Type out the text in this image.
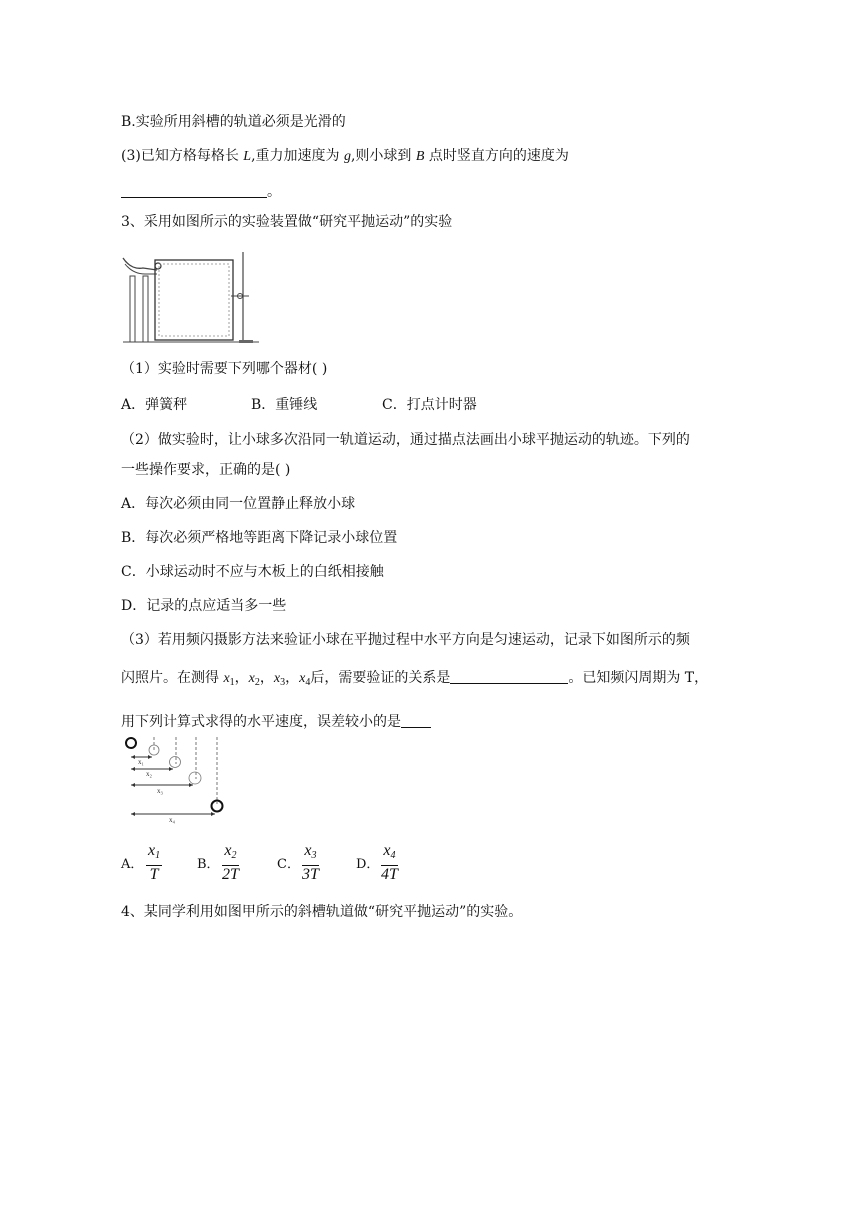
B.实验所用斜槽的轨道必须是光滑的
(3)已知方格每格长 L,重力加速度为 g,则小球到 B 点时竖直方向的速度为
。
3、采用如图所示的实验装置做“研究平抛运动”的实验
（1）实验时需要下列哪个器材( )
A．弹簧秤	B．重锤线	C．打点计时器
（2）做实验时，让小球多次沿同一轨道运动，通过描点法画出小球平抛运动的轨迹。下列的
一些操作要求，正确的是( )
A．每次必须由同一位置静止释放小球
B．每次必须严格地等距离下降记录小球位置
C．小球运动时不应与木板上的白纸相接触
D．记录的点应适当多一些
（3）若用频闪摄影方法来验证小球在平抛过程中水平方向是匀速运动，记录下如图所示的频
闪照片。在测得 $x_1$，$x_2$，$x_3$，$x_4$后，需要验证的关系是	。已知频闪周期为 T，
用下列计算式求得的水平速度，误差较小的是
x₁
x₂
x₃
x₄
A．
$x_1$
T
B．
$x_2$
2T
C．
$x_3$
3T
D．
$x_4$
4T
4、某同学利用如图甲所示的斜槽轨道做“研究平抛运动”的实验。
